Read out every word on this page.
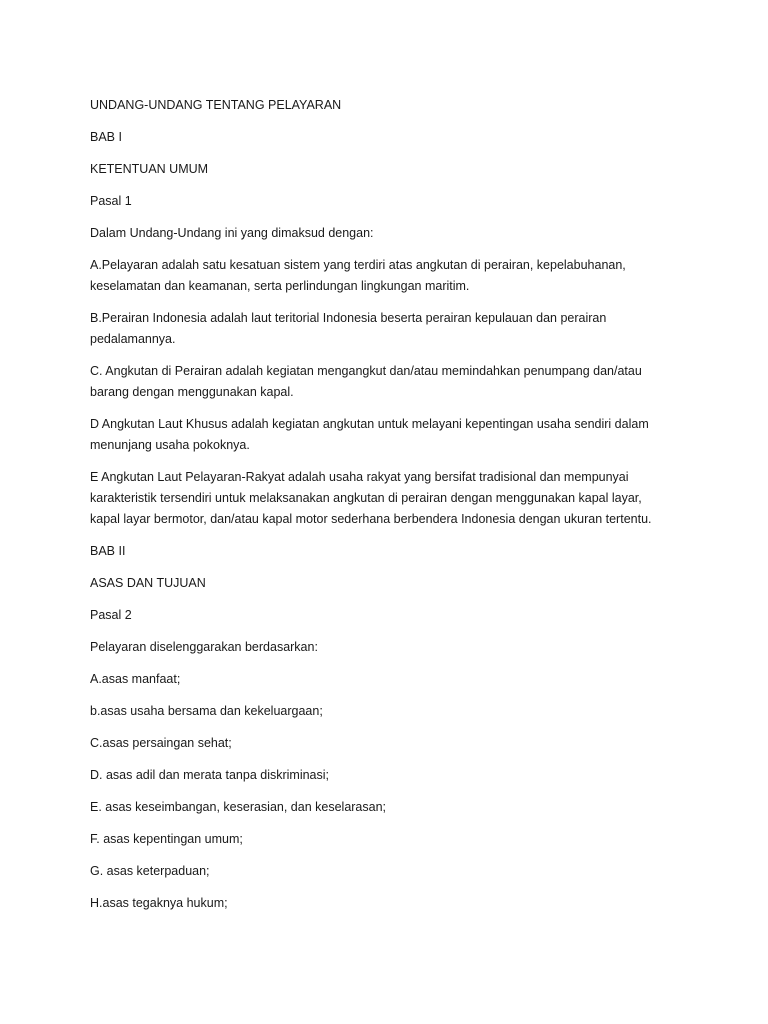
UNDANG-UNDANG TENTANG PELAYARAN

BAB I

KETENTUAN UMUM

Pasal 1

Dalam Undang-Undang ini yang dimaksud dengan:

A.Pelayaran adalah satu kesatuan sistem yang terdiri atas angkutan di perairan, kepelabuhanan,
keselamatan dan keamanan, serta perlindungan lingkungan maritim.

B.Perairan Indonesia adalah laut teritorial Indonesia beserta perairan kepulauan dan perairan
pedalamannya.

C. Angkutan di Perairan adalah kegiatan mengangkut dan/atau memindahkan penumpang dan/atau
barang dengan menggunakan kapal.

D Angkutan Laut Khusus adalah kegiatan angkutan untuk melayani kepentingan usaha sendiri dalam
menunjang usaha pokoknya.

E Angkutan Laut Pelayaran-Rakyat adalah usaha rakyat yang bersifat tradisional dan mempunyai
karakteristik tersendiri untuk melaksanakan angkutan di perairan dengan menggunakan kapal layar,
kapal layar bermotor, dan/atau kapal motor sederhana berbendera Indonesia dengan ukuran tertentu.

BAB II

ASAS DAN TUJUAN

Pasal 2

Pelayaran diselenggarakan berdasarkan:

A.asas manfaat;

b.asas usaha bersama dan kekeluargaan;

C.asas persaingan sehat;

D. asas adil dan merata tanpa diskriminasi;

E. asas keseimbangan, keserasian, dan keselarasan;

F. asas kepentingan umum;

G. asas keterpaduan;

H.asas tegaknya hukum;
